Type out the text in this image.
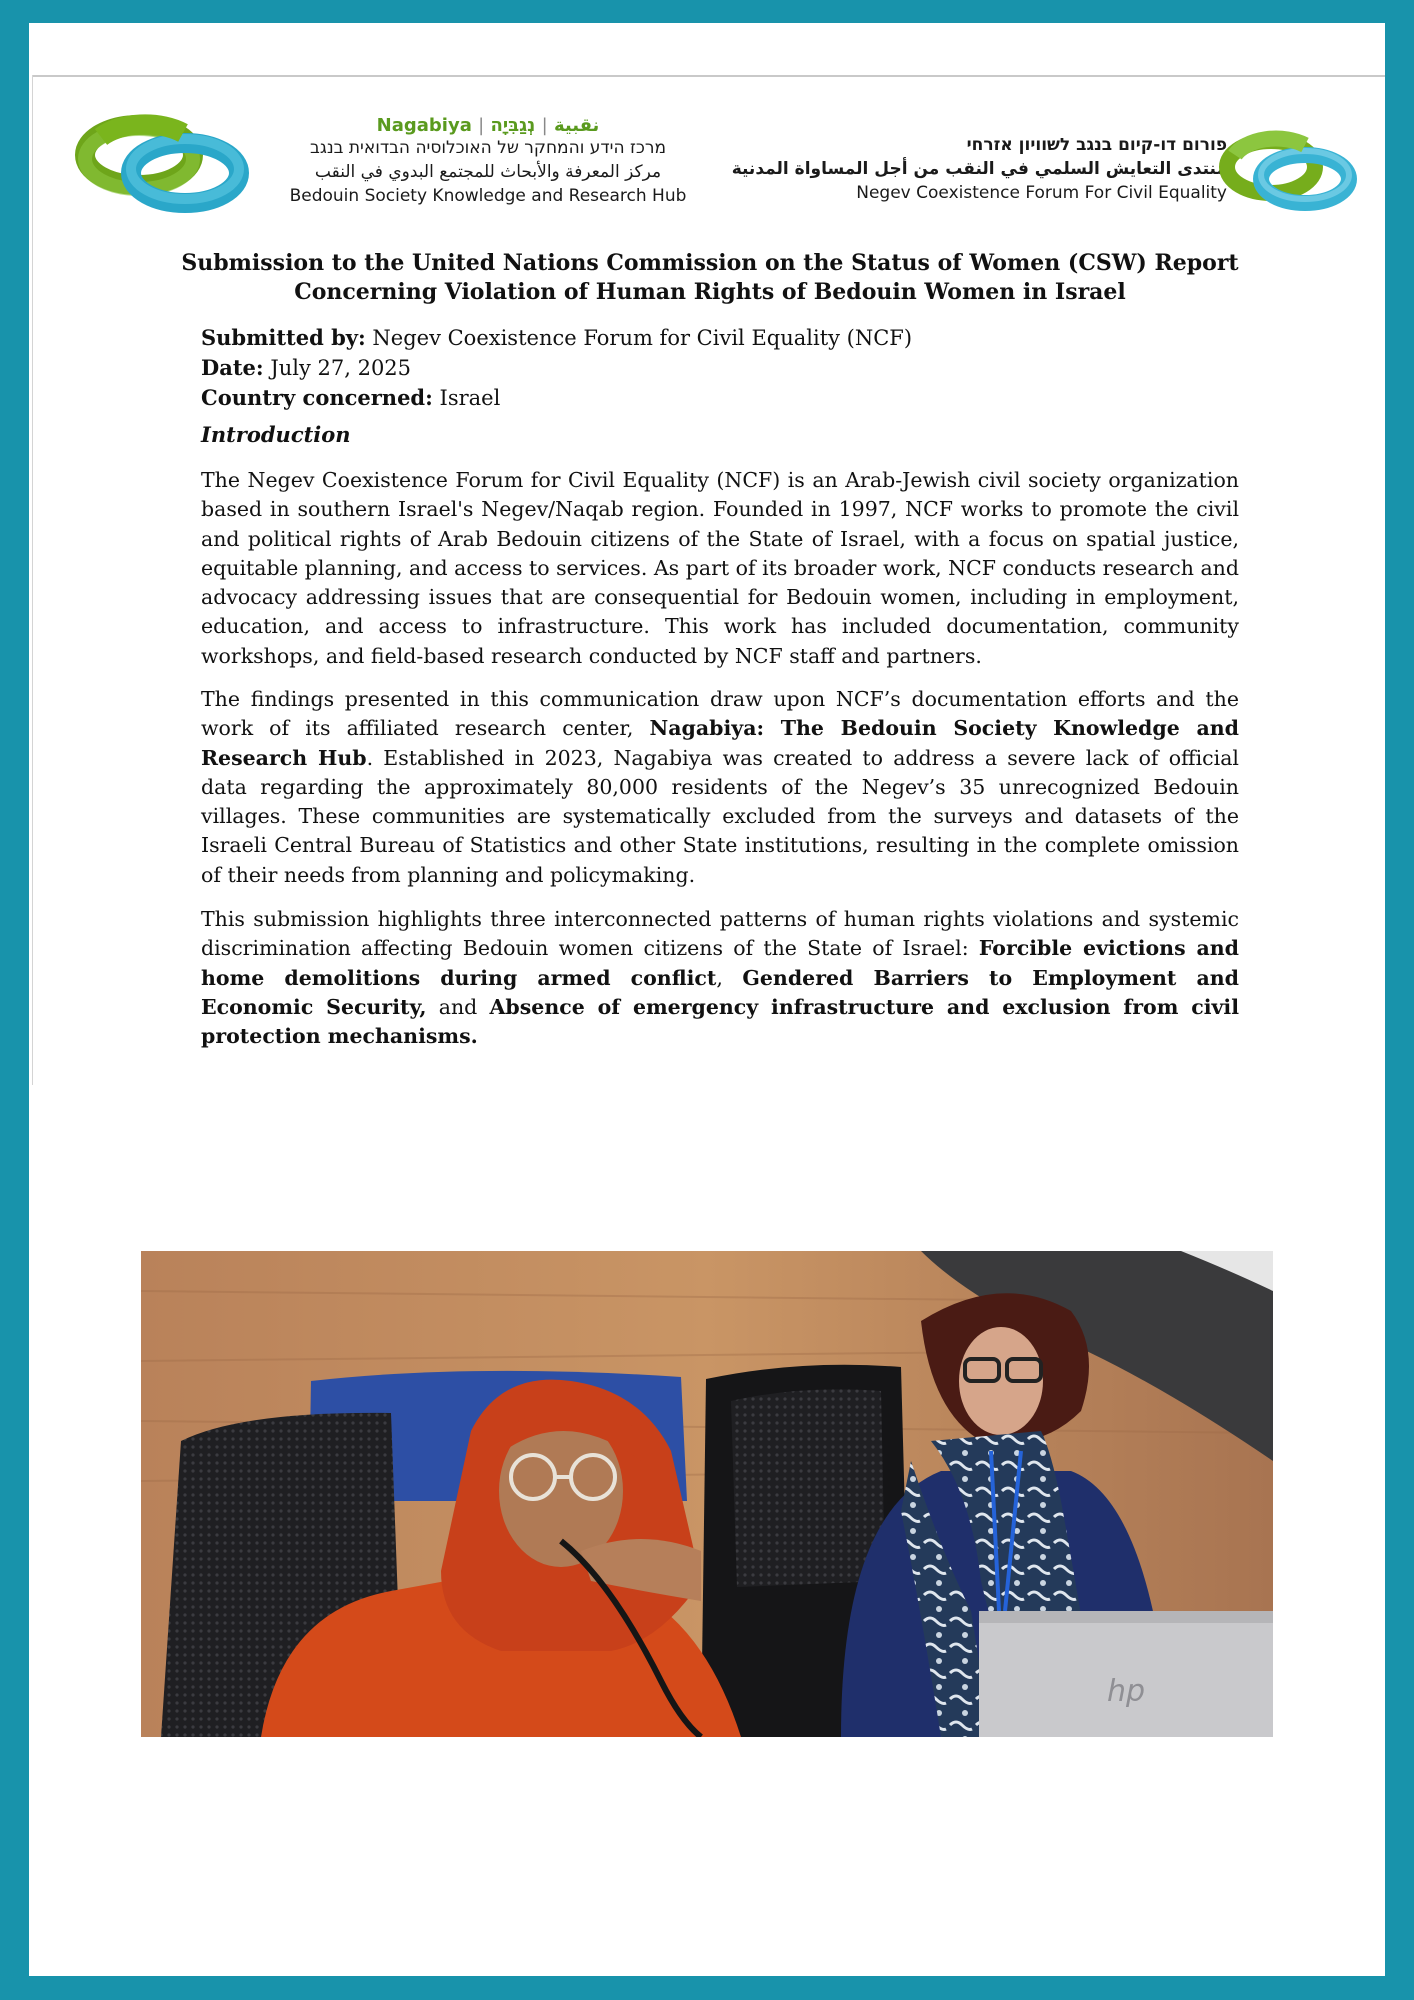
Nagabiya |	نقبية | נְגַבִּיָה
מרכז הידע והמחקר של האוכלוסיה הבדואית בנגב
مركز المعرفة والأبحاث للمجتمع البدوي في النقب
Bedouin Society Knowledge and Research Hub
פורום דו-קיום בנגב לשוויון אזרחי
منتدى التعايش السلمي في النقب من أجل المساواة المدنية
Negev Coexistence Forum For Civil Equality
Submission to the United Nations Commission on the Status of Women (CSW) Report
Concerning Violation of Human Rights of Bedouin Women in Israel
Submitted by: Negev Coexistence Forum for Civil Equality (NCF)
Date: July 27, 2025
Country concerned: Israel
Introduction
The Negev Coexistence Forum for Civil Equality (NCF) is an Arab-Jewish civil society organization based in southern Israel's Negev/Naqab region. Founded in 1997, NCF works to promote the civil and political rights of Arab Bedouin citizens of the State of Israel, with a focus on spatial justice, equitable planning, and access to services. As part of its broader work, NCF conducts research and advocacy addressing issues that are consequential for Bedouin women, including in employment, education, and access to infrastructure. This work has included documentation, community workshops, and field-based research conducted by NCF staff and partners.
The findings presented in this communication draw upon NCF’s documentation efforts and the work of its affiliated research center, Nagabiya: The Bedouin Society Knowledge and Research Hub. Established in 2023, Nagabiya was created to address a severe lack of official data regarding the approximately 80,000 residents of the Negev’s 35 unrecognized Bedouin villages. These communities are systematically excluded from the surveys and datasets of the Israeli Central Bureau of Statistics and other State institutions, resulting in the complete omission of their needs from planning and policymaking.
This submission highlights three interconnected patterns of human rights violations and systemic discrimination affecting Bedouin women citizens of the State of Israel: Forcible evictions and home demolitions during armed conflict, Gendered Barriers to Employment and Economic Security, and Absence of emergency infrastructure and exclusion from civil protection mechanisms.
hp
